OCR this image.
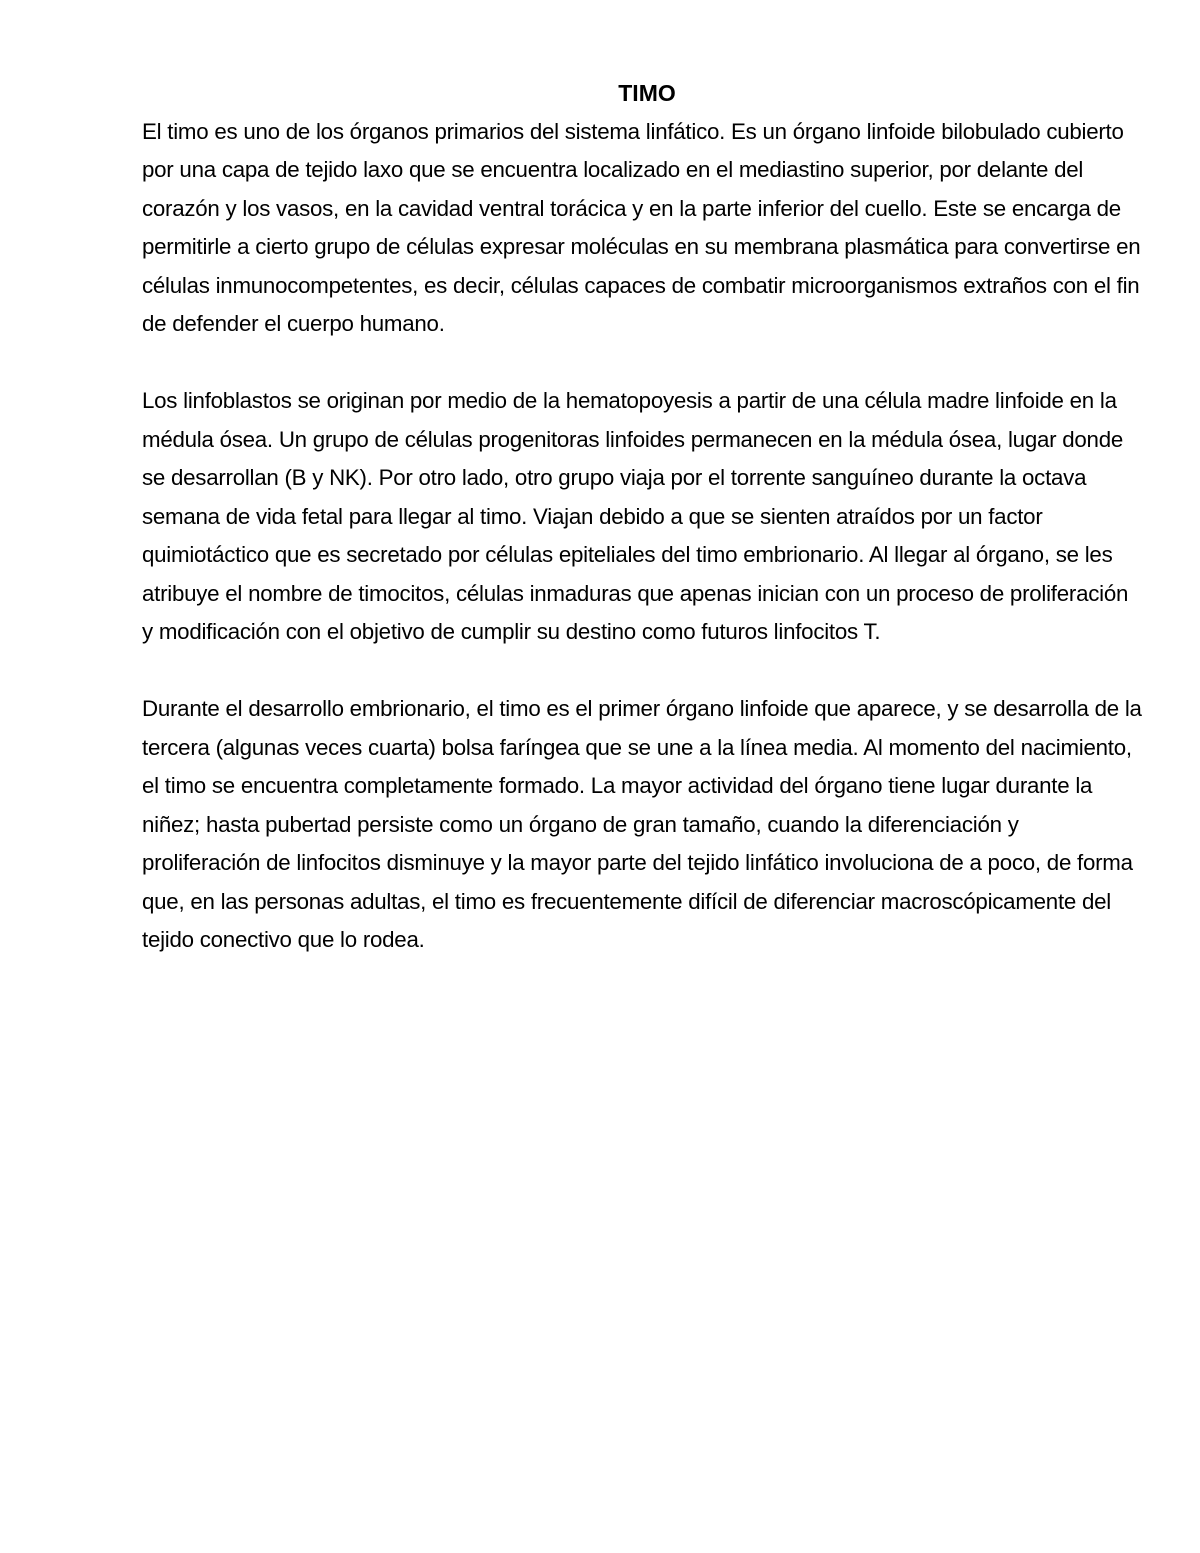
TIMO

El timo es uno de los órganos primarios del sistema linfático. Es un órgano linfoide bilobulado cubierto por una capa de tejido laxo que se encuentra localizado en el mediastino superior, por delante del corazón y los vasos, en la cavidad ventral torácica y en la parte inferior del cuello. Este se encarga de permitirle a cierto grupo de células expresar moléculas en su membrana plasmática para convertirse en células inmunocompetentes, es decir, células capaces de combatir microorganismos extraños con el fin de defender el cuerpo humano.

Los linfoblastos se originan por medio de la hematopoyesis a partir de una célula madre linfoide en la médula ósea. Un grupo de células progenitoras linfoides permanecen en la médula ósea, lugar donde se desarrollan (B y NK). Por otro lado, otro grupo viaja por el torrente sanguíneo durante la octava semana de vida fetal para llegar al timo. Viajan debido a que se sienten atraídos por un factor quimiotáctico que es secretado por células epiteliales del timo embrionario. Al llegar al órgano, se les atribuye el nombre de timocitos, células inmaduras que apenas inician con un proceso de proliferación y modificación con el objetivo de cumplir su destino como futuros linfocitos T.

Durante el desarrollo embrionario, el timo es el primer órgano linfoide que aparece, y se desarrolla de la tercera (algunas veces cuarta) bolsa faríngea que se une a la línea media. Al momento del nacimiento, el timo se encuentra completamente formado. La mayor actividad del órgano tiene lugar durante la niñez; hasta pubertad persiste como un órgano de gran tamaño, cuando la diferenciación y proliferación de linfocitos disminuye y la mayor parte del tejido linfático involuciona de a poco, de forma que, en las personas adultas, el timo es frecuentemente difícil de diferenciar macroscópicamente del tejido conectivo que lo rodea.
